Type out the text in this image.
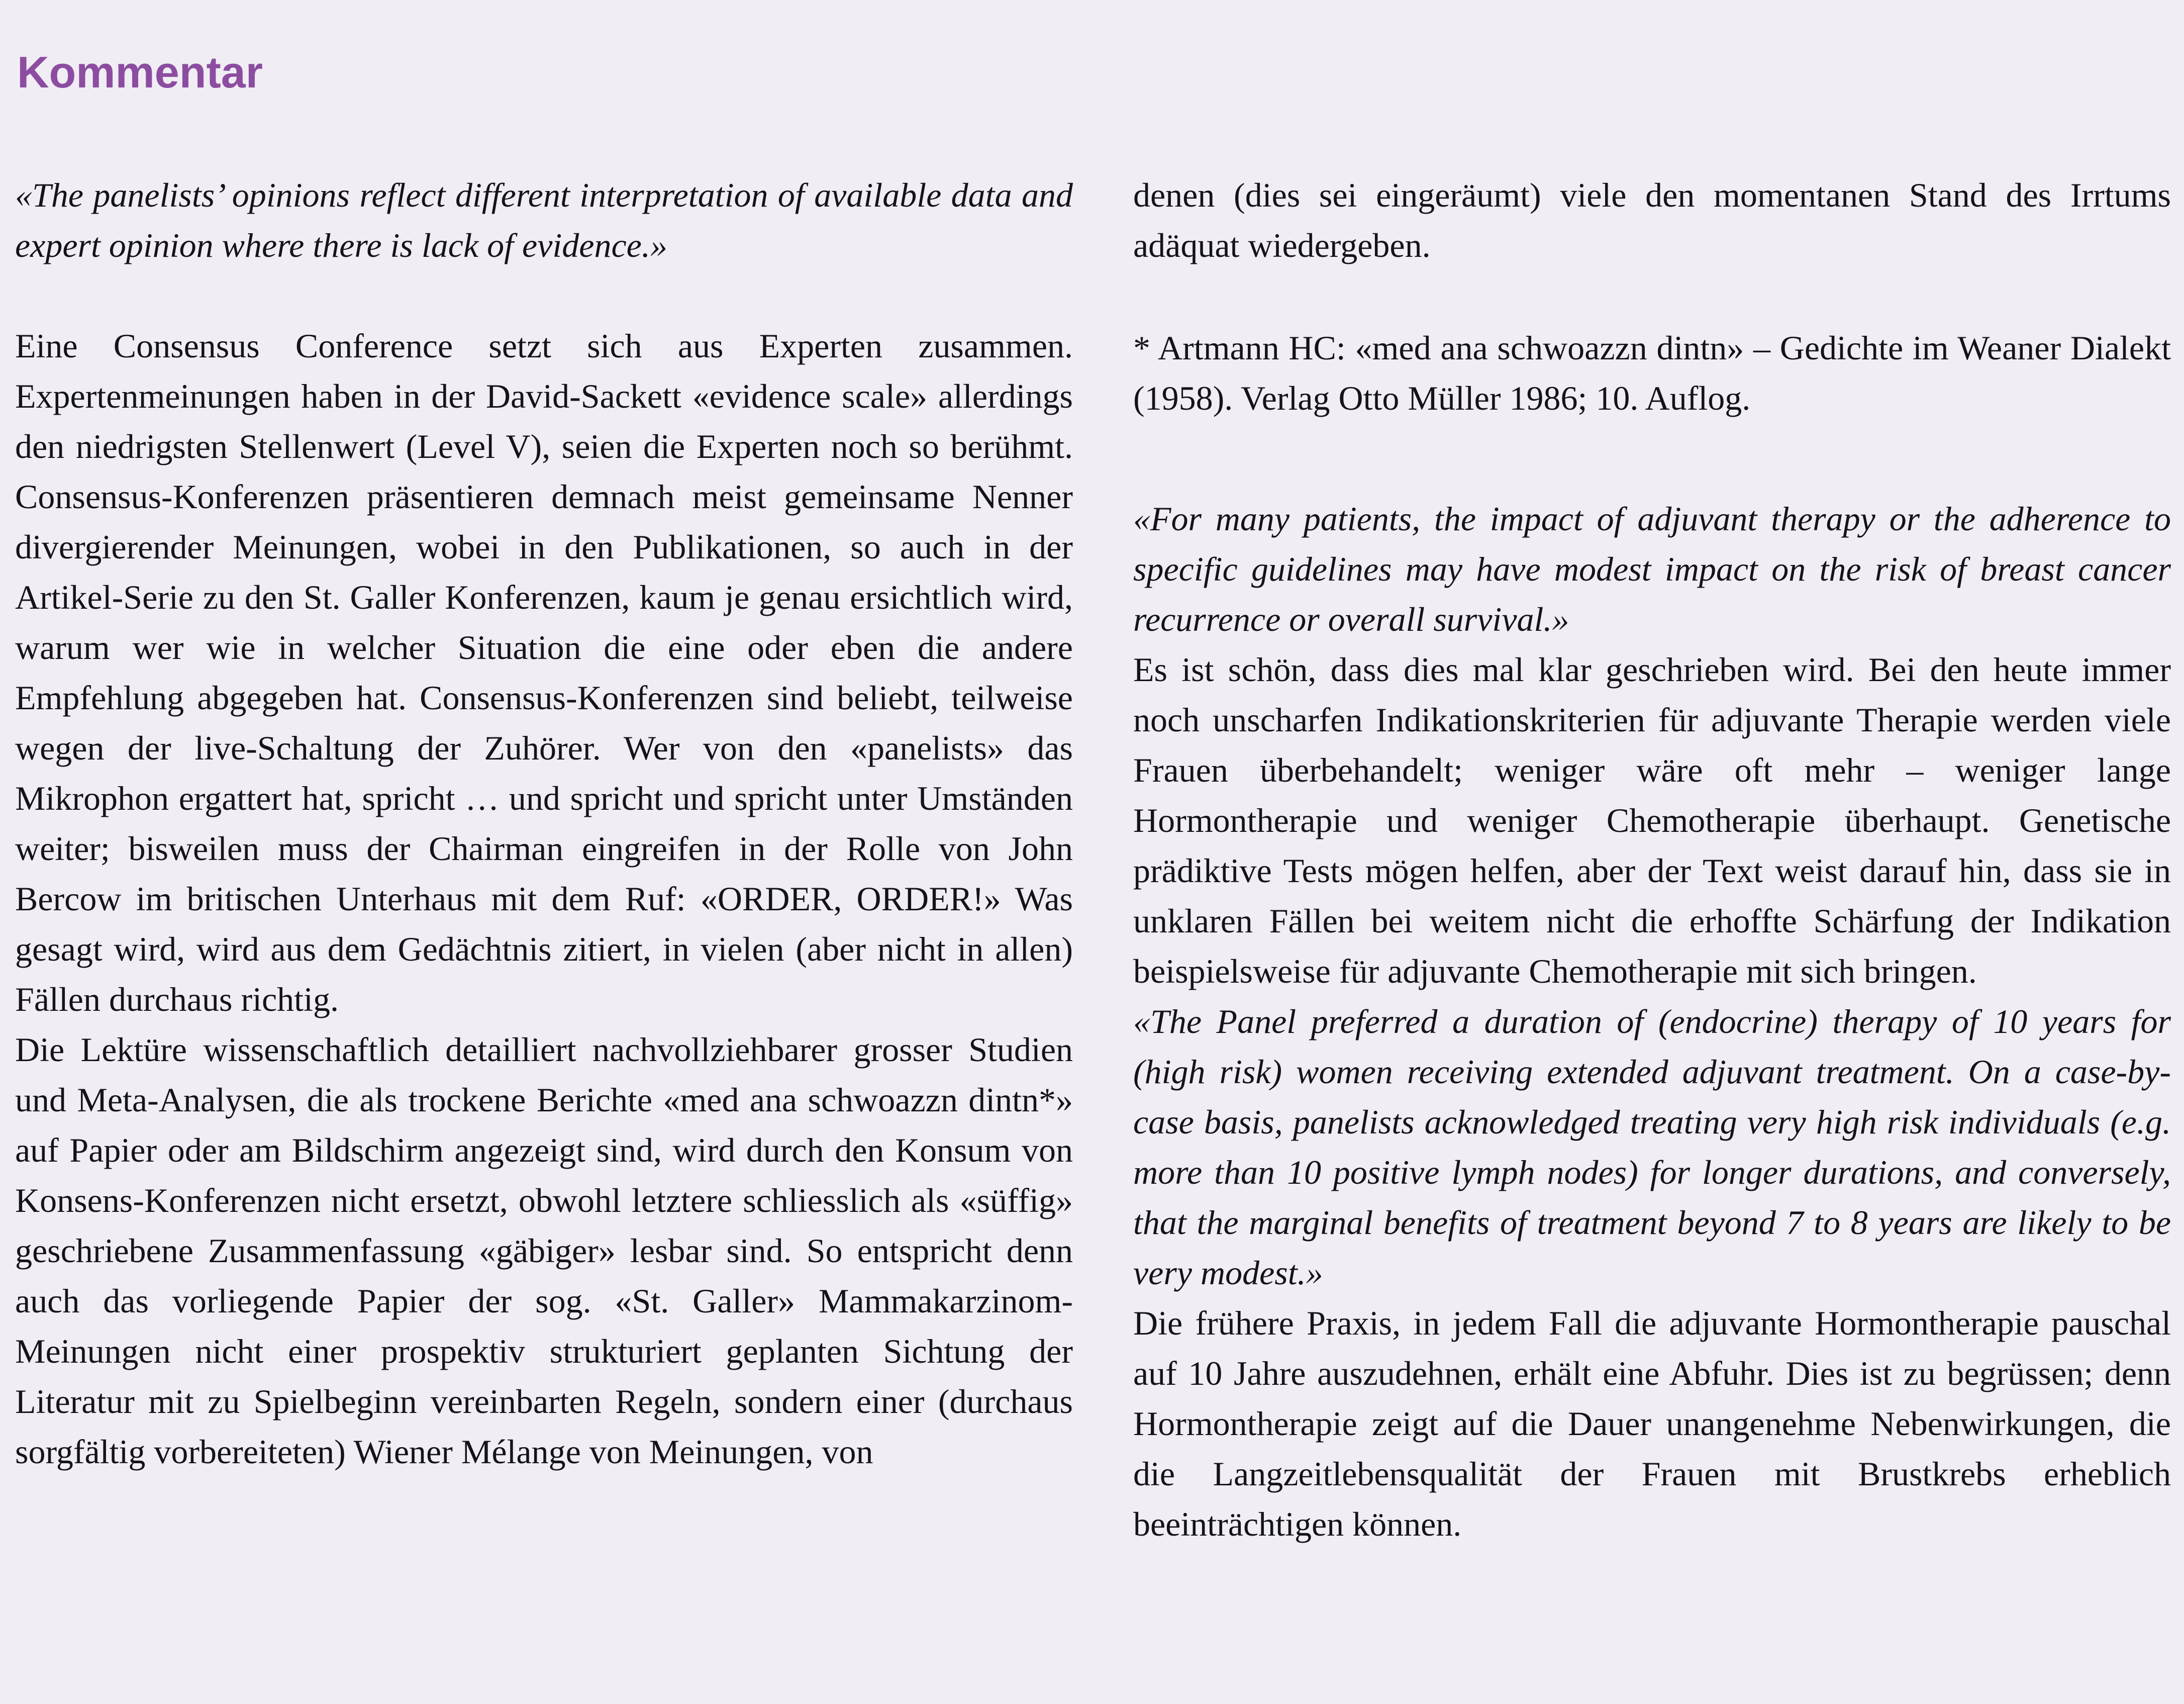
Kommentar

«The panelists’ opinions reflect different interpretation of available data and expert opinion where there is lack of evidence.»

Eine Consensus Conference setzt sich aus Experten zusammen. Expertenmeinungen haben in der David-Sackett «evidence scale» allerdings den niedrigsten Stellenwert (Level V), seien die Experten noch so berühmt. Consensus-Konferenzen präsentieren demnach meist gemeinsame Nenner divergierender Meinungen, wobei in den Publikationen, so auch in der Artikel-Serie zu den St. Galler Konferenzen, kaum je genau ersichtlich wird, warum wer wie in welcher Situation die eine oder eben die andere Empfehlung abgegeben hat. Consensus-Konferenzen sind beliebt, teilweise wegen der live-Schaltung der Zuhörer. Wer von den «panelists» das Mikrophon ergattert hat, spricht … und spricht und spricht unter Umständen weiter; bisweilen muss der Chairman eingreifen in der Rolle von John Bercow im britischen Unterhaus mit dem Ruf: «ORDER, ORDER!» Was gesagt wird, wird aus dem Gedächtnis zitiert, in vielen (aber nicht in allen) Fällen durchaus richtig.

Die Lektüre wissenschaftlich detailliert nachvollziehbarer grosser Studien und Meta-Analysen, die als trockene Berichte «med ana schwoazzn dintn*» auf Papier oder am Bildschirm angezeigt sind, wird durch den Konsum von Konsens-Konferenzen nicht ersetzt, obwohl letztere schliesslich als «süffig» geschriebene Zusammenfassung «gäbiger» lesbar sind. So entspricht denn auch das vorliegende Papier der sog. «St. Galler» Mammakarzinom-Meinungen nicht einer prospektiv strukturiert geplanten Sichtung der Literatur mit zu Spielbeginn vereinbarten Regeln, sondern einer (durchaus sorgfältig vorbereiteten) Wiener Mélange von Meinungen, von

denen (dies sei eingeräumt) viele den momentanen Stand des Irrtums adäquat wiedergeben.

* Artmann HC: «med ana schwoazzn dintn» – Gedichte im Weaner Dialekt (1958). Verlag Otto Müller 1986; 10. Auflog.

«For many patients, the impact of adjuvant therapy or the adherence to specific guidelines may have modest impact on the risk of breast cancer recurrence or overall survival.»

Es ist schön, dass dies mal klar geschrieben wird. Bei den heute immer noch unscharfen Indikationskriterien für adjuvante Therapie werden viele Frauen überbehandelt; weniger wäre oft mehr – weniger lange Hormontherapie und weniger Chemotherapie überhaupt. Genetische prädiktive Tests mögen helfen, aber der Text weist darauf hin, dass sie in unklaren Fällen bei weitem nicht die erhoffte Schärfung der Indikation beispielsweise für adjuvante Chemotherapie mit sich bringen.

«The Panel preferred a duration of (endocrine) therapy of 10 years for (high risk) women receiving extended adjuvant treatment. On a case-by-case basis, panelists acknowledged treating very high risk individuals (e.g. more than 10 positive lymph nodes) for longer durations, and conversely, that the marginal benefits of treatment beyond 7 to 8 years are likely to be very modest.»

Die frühere Praxis, in jedem Fall die adjuvante Hormontherapie pauschal auf 10 Jahre auszudehnen, erhält eine Abfuhr. Dies ist zu begrüssen; denn Hormontherapie zeigt auf die Dauer unangenehme Nebenwirkungen, die die Langzeitlebensqualität der Frauen mit Brustkrebs erheblich beeinträchtigen können.
